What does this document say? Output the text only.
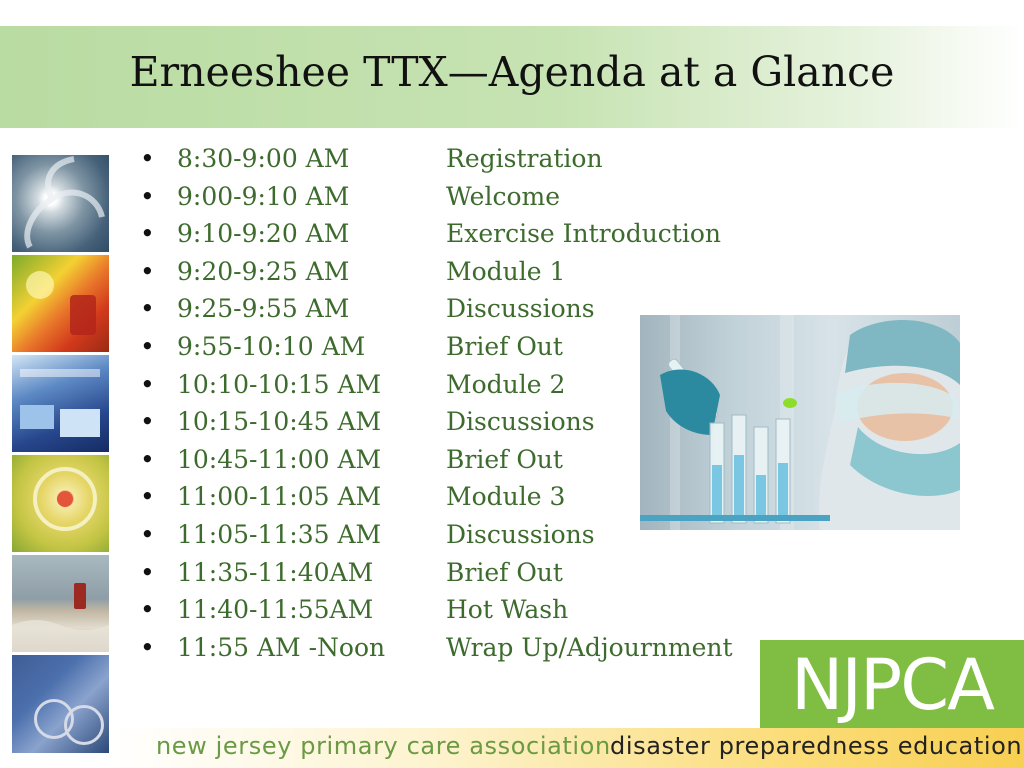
Erneeshee TTX—Agenda at a Glance
• 8:30-9:00 AM	Registration
• 9:00-9:10 AM	Welcome
• 9:10-9:20 AM	Exercise Introduction
• 9:20-9:25 AM	Module 1
• 9:25-9:55 AM	Discussions
• 9:55-10:10 AM	Brief Out
• 10:10-10:15 AM	Module 2
• 10:15-10:45 AM	Discussions
• 10:45-11:00 AM	Brief Out
• 11:00-11:05 AM	Module 3
• 11:05-11:35 AM	Discussions
• 11:35-11:40AM	Brief Out
• 11:40-11:55AM	Hot Wash
• 11:55 AM -Noon Wrap Up/Adjournment NJPCA
new jersey primary care association disaster preparedness education
